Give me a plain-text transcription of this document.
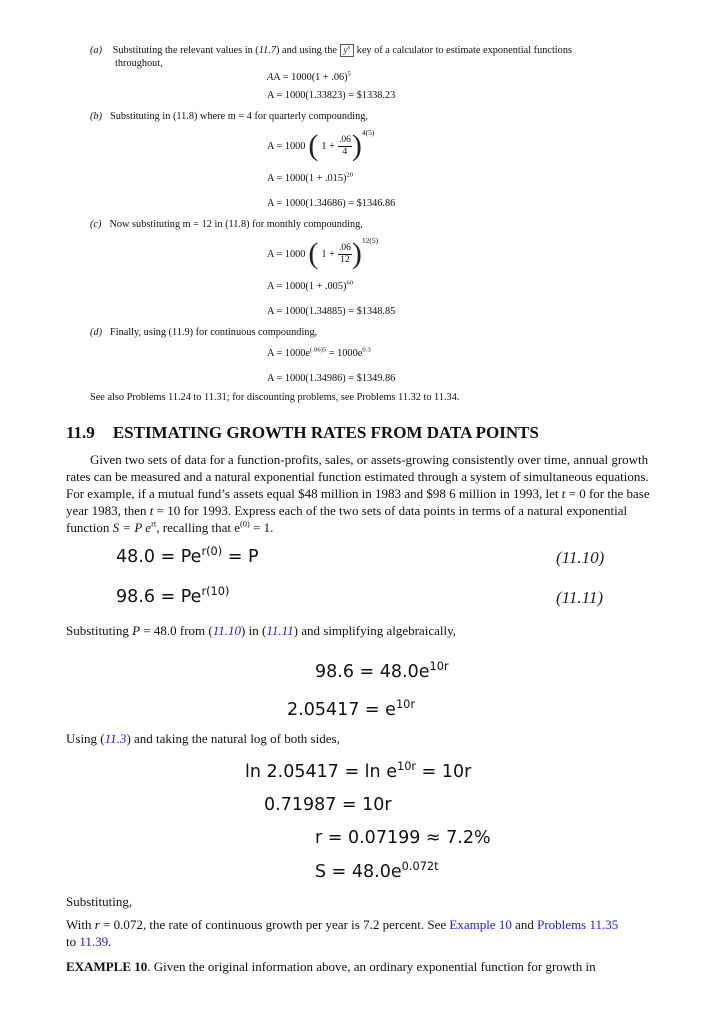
(a) Substituting the relevant values in (11.7) and using the $y^x$ key of a calculator to estimate exponential functions
throughout,
AA = $1000(1 + .06)^5$
A = 1000(1.33823) = $1338.23
(b) Substituting in (11.8) where m = 4 for quarterly compounding,
A = 1000 ( $1 + \frac{.06}{4}$ ) 4(5)
$A = 1000(1 + .015)^{20}$
A = 1000(1.34686) = $1346.86
(c) Now substituting m = 12 in (11.8) for monthly compounding,
A = 1000 ( $1 + \frac{.06}{12}$ ) 12(5)
$A = 1000(1 + .005)^{60}$
A = 1000(1.34885) = $1348.85
(d) Finally, using (11.9) for continuous compounding,
$A = 1000e^{(.06)5} = 1000e^{0.3}$
A = 1000(1.34986) = $1349.86
See also Problems 11.24 to 11.31; for discounting problems, see Problems 11.32 to 11.34.
11.9 ESTIMATING GROWTH RATES FROM DATA POINTS
Given two sets of data for a function-profits, sales, or assets-growing consistently over time, annual growth rates can be measured and a natural exponential function estimated through a system of simultaneous equations. For example, if a mutual fund’s assets equal $48 million in 1983 and $98 6 million in 1993, let t = 0 for the base year 1983, then t = 10 for 1993. Express each of the two sets of data points in terms of a natural exponential function S = P $e^{rt}$, recalling that $e^{(0)} = 1$.
$48.0 = Pe^{r(0)} = P$	(11.10)
$98.6 = Pe^{r(10)}$	(11.11)
Substituting P = 48.0 from (11.10) in (11.11) and simplifying algebraically,
$98.6 = 48.0e^{10r}$
$2.05417 = e^{10r}$
Using (11.3) and taking the natural log of both sides,
$\ln 2.05417 = \ln e^{10r} = 10r$
0.71987 = 10r
r = 0.07199 ≈ 7.2%
$S = 48.0e^{0.072t}$
Substituting,
With r = 0.072, the rate of continuous growth per year is 7.2 percent. See Example 10 and Problems 11.35
to 11.39.
EXAMPLE 10. Given the original information above, an ordinary exponential function for growth in
